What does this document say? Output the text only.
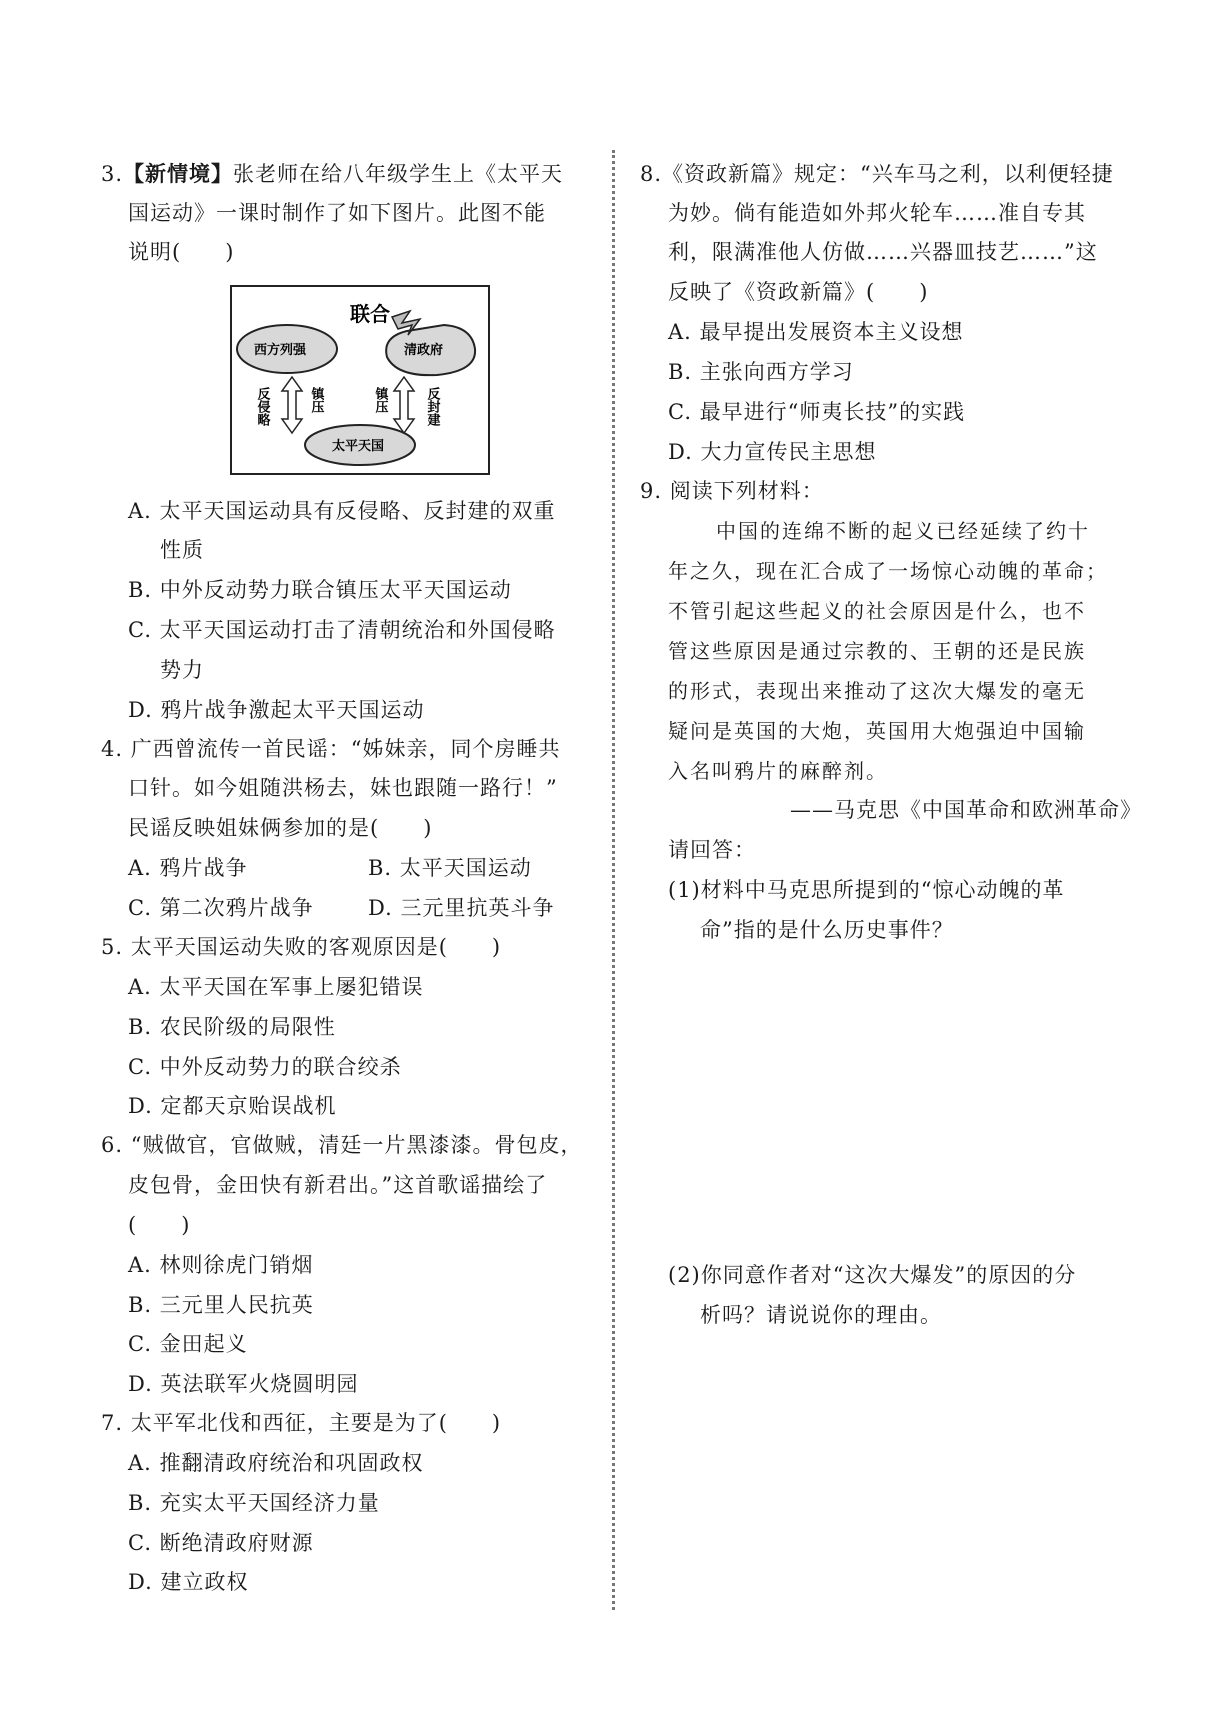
3.【新情境】张老师在给八年级学生上《太平天
国运动》一课时制作了如下图片。此图不能
说明(　　)
联合
西方列强	清政府
太平天国
反侵略	镇压	镇压	反封建
A. 太平天国运动具有反侵略、反封建的双重
性质
B. 中外反动势力联合镇压太平天国运动
C. 太平天国运动打击了清朝统治和外国侵略
势力
D. 鸦片战争激起太平天国运动
4. 广西曾流传一首民谣：“姊妹亲，同个房睡共
口针。如今姐随洪杨去，妹也跟随一路行！”
民谣反映姐妹俩参加的是(　　)
A. 鸦片战争	B. 太平天国运动
C. 第二次鸦片战争	D. 三元里抗英斗争
5. 太平天国运动失败的客观原因是(　　)
A. 太平天国在军事上屡犯错误
B. 农民阶级的局限性
C. 中外反动势力的联合绞杀
D. 定都天京贻误战机
6. “贼做官，官做贼，清廷一片黑漆漆。骨包皮，
皮包骨，金田快有新君出。”这首歌谣描绘了
(　　)
A. 林则徐虎门销烟
B. 三元里人民抗英
C. 金田起义
D. 英法联军火烧圆明园
7. 太平军北伐和西征，主要是为了(　　)
A. 推翻清政府统治和巩固政权
B. 充实太平天国经济力量
C. 断绝清政府财源
D. 建立政权
8.《资政新篇》规定：“兴车马之利，以利便轻捷
为妙。倘有能造如外邦火轮车……准自专其
利，限满准他人仿做……兴器皿技艺……”这
反映了《资政新篇》(　　)
A. 最早提出发展资本主义设想
B. 主张向西方学习
C. 最早进行“师夷长技”的实践
D. 大力宣传民主思想
9. 阅读下列材料：
中国的连绵不断的起义已经延续了约十
年之久，现在汇合成了一场惊心动魄的革命；
不管引起这些起义的社会原因是什么，也不
管这些原因是通过宗教的、王朝的还是民族
的形式，表现出来推动了这次大爆发的毫无
疑问是英国的大炮，英国用大炮强迫中国输
入名叫鸦片的麻醉剂。
——马克思《中国革命和欧洲革命》
请回答：
(1)材料中马克思所提到的“惊心动魄的革
命”指的是什么历史事件？
(2)你同意作者对“这次大爆发”的原因的分
析吗？请说说你的理由。
